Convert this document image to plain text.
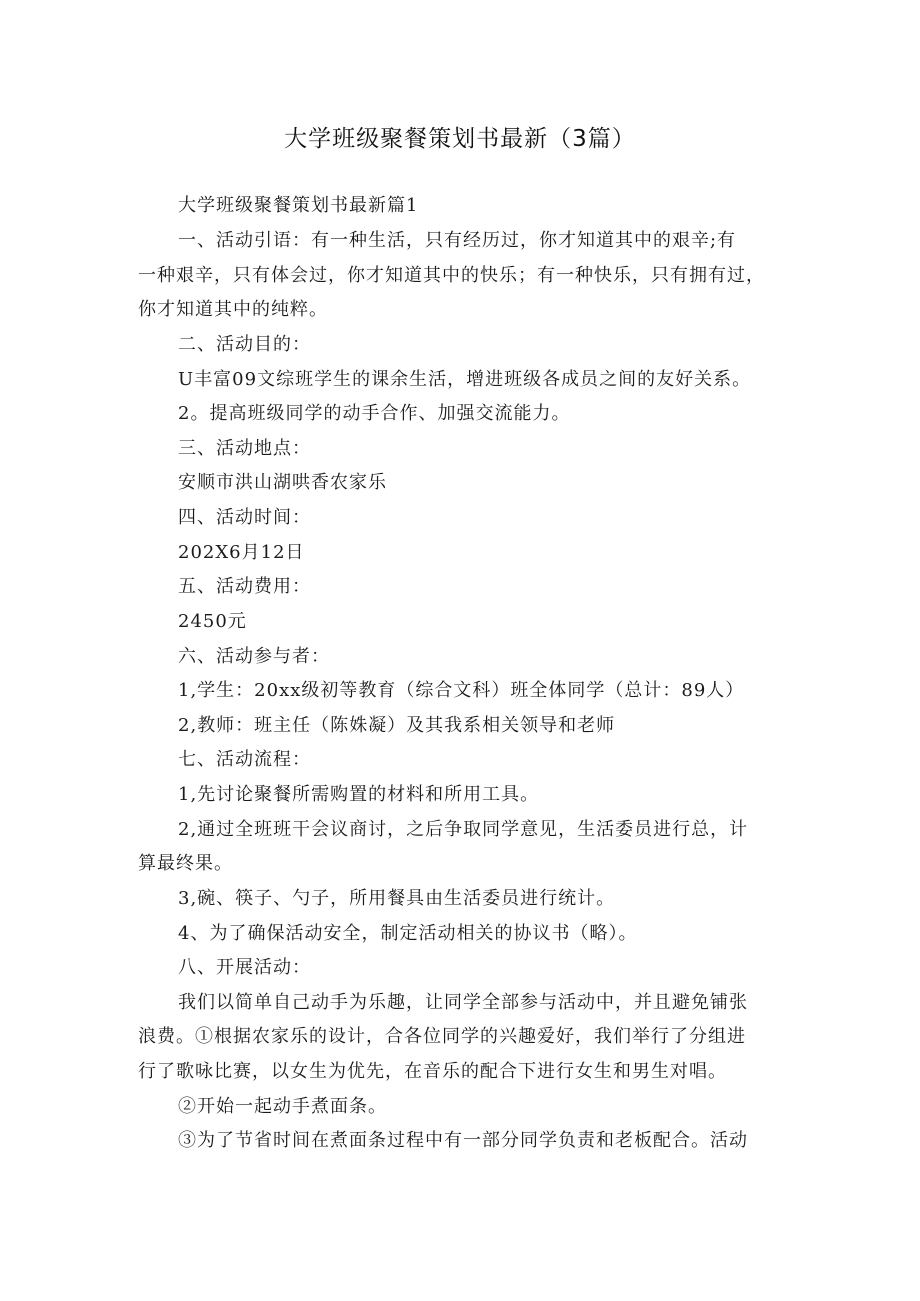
大学班级聚餐策划书最新（3篇）
大学班级聚餐策划书最新篇1
一、活动引语：有一种生活，只有经历过，你才知道其中的艰辛;有
一种艰辛，只有体会过，你才知道其中的快乐；有一种快乐，只有拥有过，
你才知道其中的纯粹。
二、活动目的：
U丰富09文综班学生的课余生活，增进班级各成员之间的友好关系。
2。提高班级同学的动手合作、加强交流能力。
三、活动地点：
安顺市洪山湖哄香农家乐
四、活动时间：
202X6月12日
五、活动费用：
2450元
六、活动参与者：
1,学生：20xx级初等教育（综合文科）班全体同学（总计：89人）
2,教师：班主任（陈姝凝）及其我系相关领导和老师
七、活动流程：
1,先讨论聚餐所需购置的材料和所用工具。
2,通过全班班干会议商讨，之后争取同学意见，生活委员进行总，计
算最终果。
3,碗、筷子、勺子，所用餐具由生活委员进行统计。
4、为了确保活动安全，制定活动相关的协议书（略）。
八、开展活动：
我们以简单自己动手为乐趣，让同学全部参与活动中，并且避免铺张
浪费。①根据农家乐的设计，合各位同学的兴趣爱好，我们举行了分组进
行了歌咏比赛，以女生为优先，在音乐的配合下进行女生和男生对唱。
②开始一起动手煮面条。
③为了节省时间在煮面条过程中有一部分同学负责和老板配合。活动
